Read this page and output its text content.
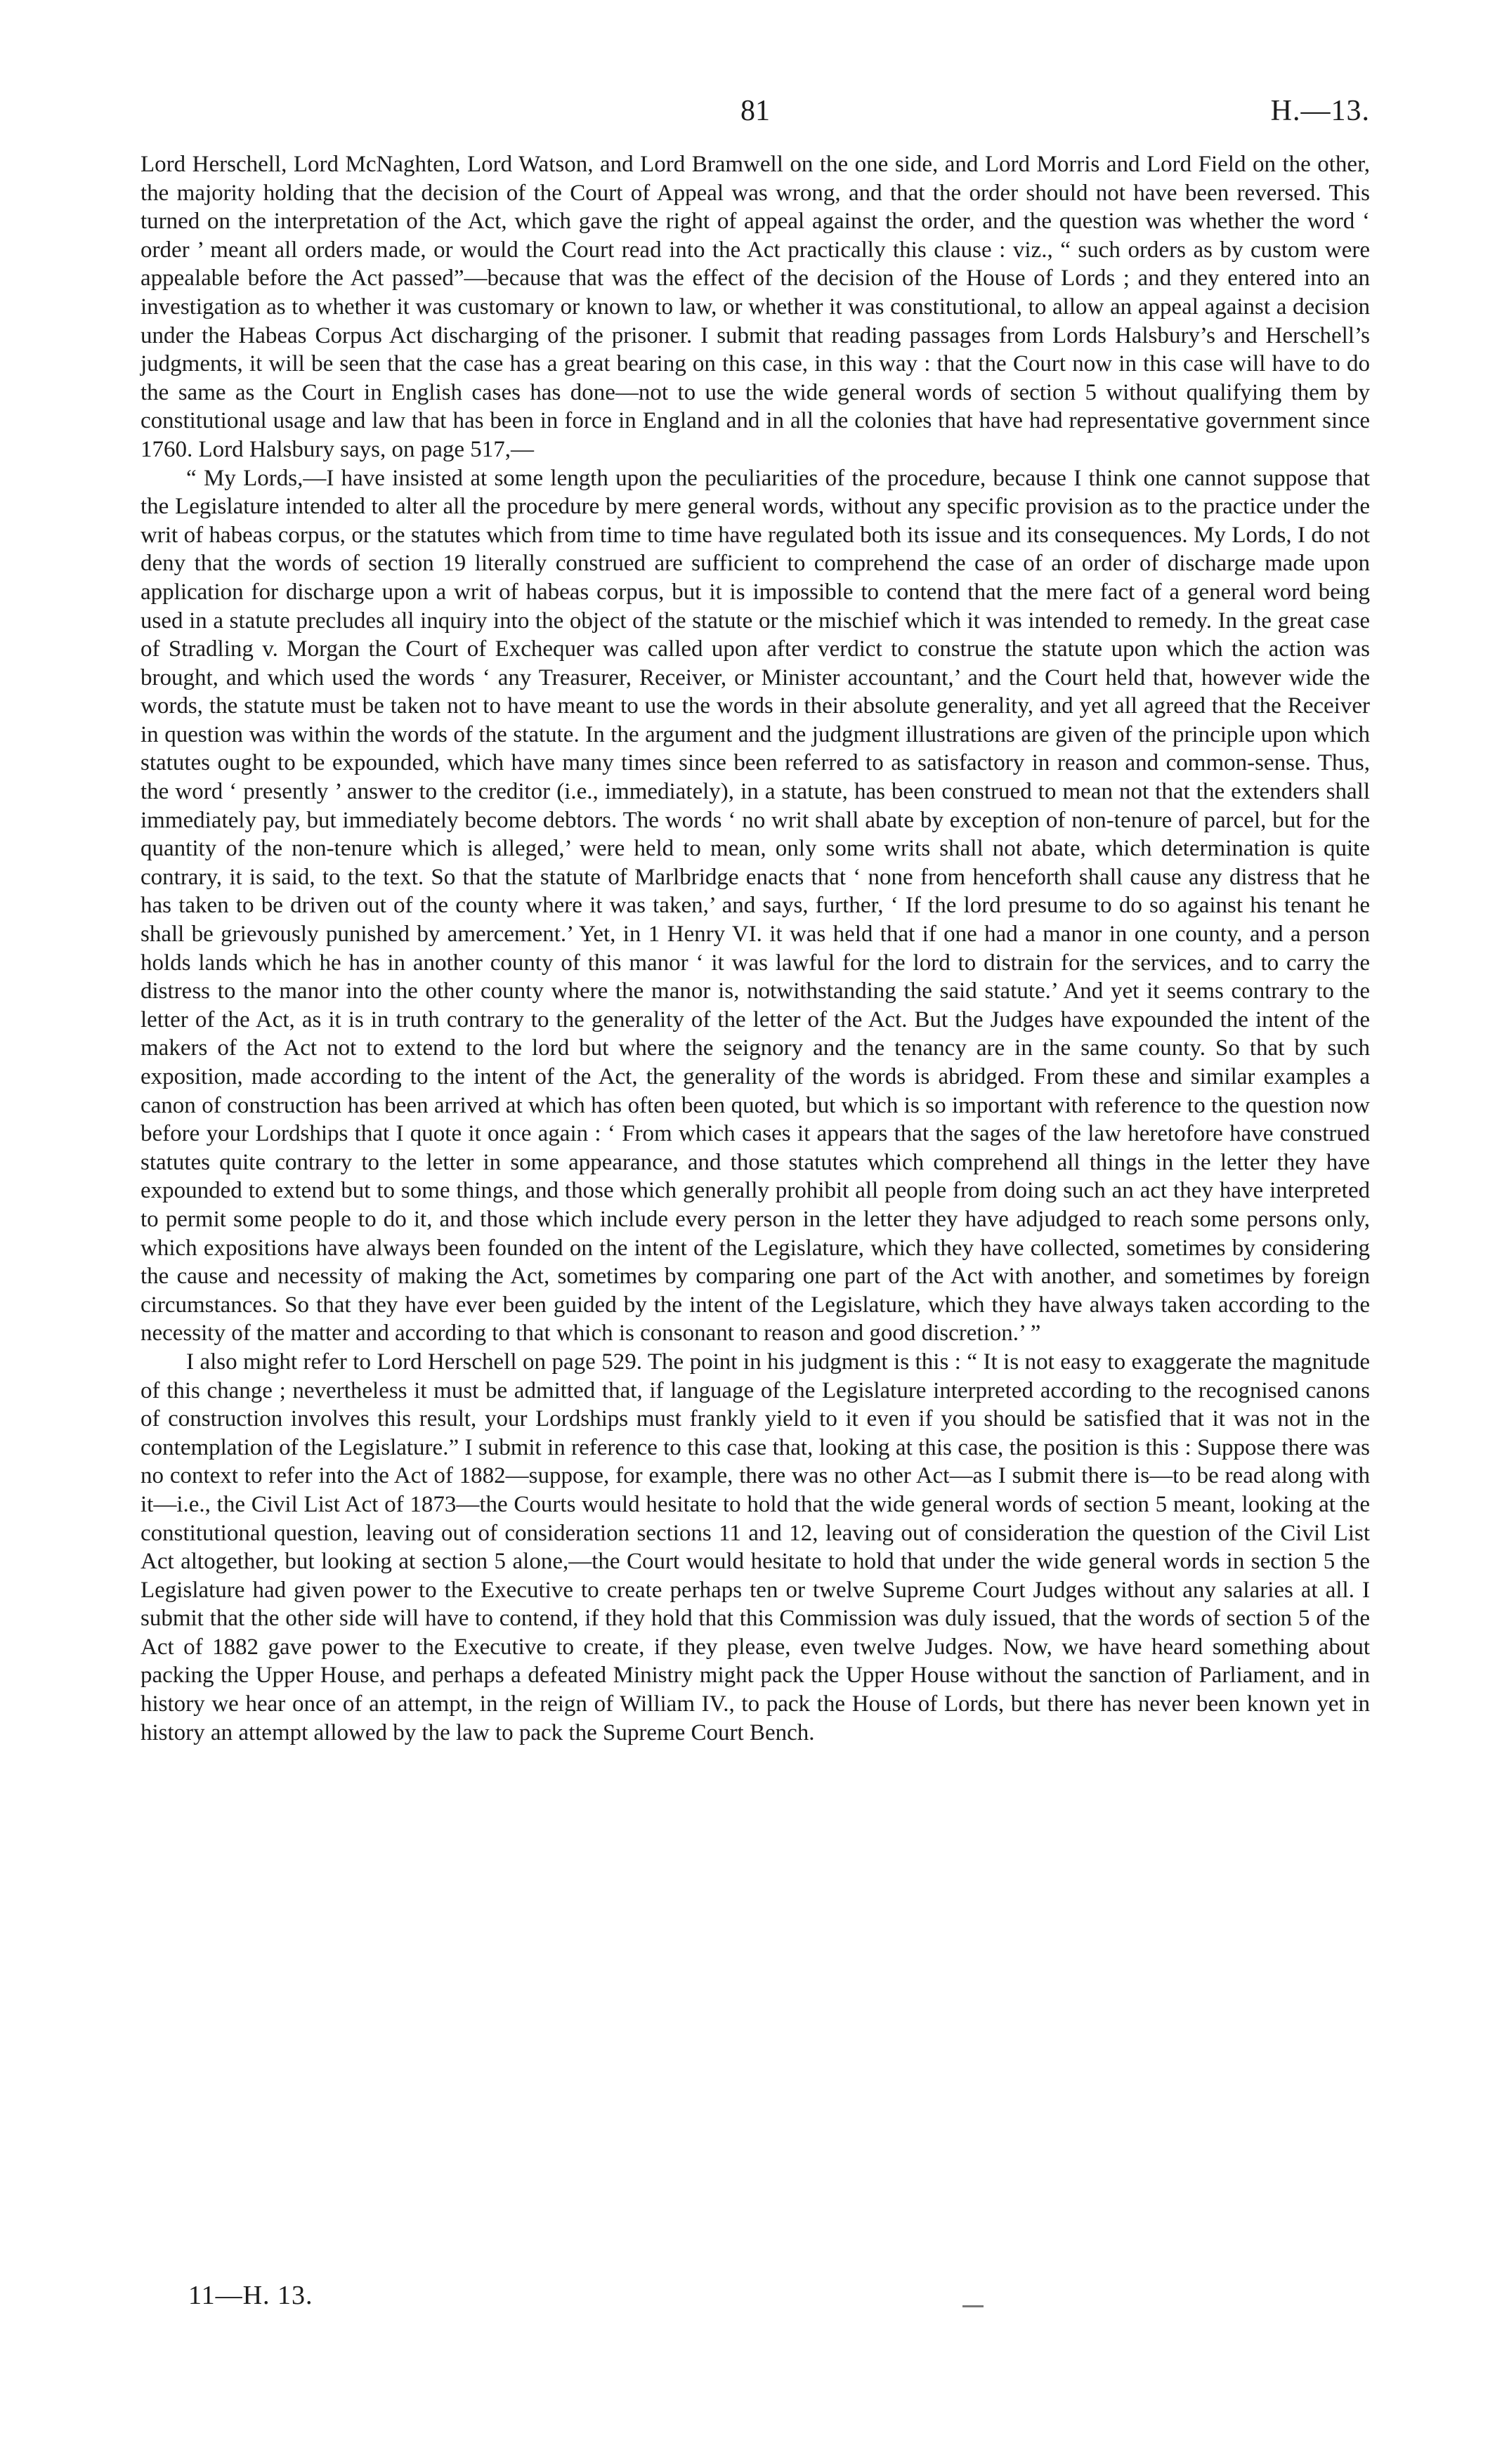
81	H.—13.

Lord Herschell, Lord McNaghten, Lord Watson, and Lord Bramwell on the one side, and Lord Morris and Lord Field on the other, the majority holding that the decision of the Court of Appeal was wrong, and that the order should not have been reversed. This turned on the interpretation of the Act, which gave the right of appeal against the order, and the question was whether the word ‘ order ’ meant all orders made, or would the Court read into the Act practically this clause : viz., “ such orders as by custom were appealable before the Act passed”—because that was the effect of the decision of the House of Lords ; and they entered into an investigation as to whether it was customary or known to law, or whether it was constitutional, to allow an appeal against a decision under the Habeas Corpus Act discharging of the prisoner. I submit that reading passages from Lords Halsbury’s and Herschell’s judgments, it will be seen that the case has a great bearing on this case, in this way : that the Court now in this case will have to do the same as the Court in English cases has done—not to use the wide general words of section 5 without qualifying them by constitutional usage and law that has been in force in England and in all the colonies that have had representative government since 1760. Lord Halsbury says, on page 517,—

“ My Lords,—I have insisted at some length upon the peculiarities of the procedure, because I think one cannot suppose that the Legislature intended to alter all the procedure by mere general words, without any specific provision as to the practice under the writ of habeas corpus, or the statutes which from time to time have regulated both its issue and its consequences. My Lords, I do not deny that the words of section 19 literally construed are sufficient to comprehend the case of an order of discharge made upon application for discharge upon a writ of habeas corpus, but it is impossible to contend that the mere fact of a general word being used in a statute precludes all inquiry into the object of the statute or the mischief which it was intended to remedy. In the great case of Stradling v. Morgan the Court of Exchequer was called upon after verdict to construe the statute upon which the action was brought, and which used the words ‘ any Treasurer, Receiver, or Minister accountant,’ and the Court held that, however wide the words, the statute must be taken not to have meant to use the words in their absolute generality, and yet all agreed that the Receiver in question was within the words of the statute. In the argument and the judgment illustrations are given of the principle upon which statutes ought to be expounded, which have many times since been referred to as satisfactory in reason and common-sense. Thus, the word ‘ presently ’ answer to the creditor (i.e., immediately), in a statute, has been construed to mean not that the extenders shall immediately pay, but immediately become debtors. The words ‘ no writ shall abate by exception of non-tenure of parcel, but for the quantity of the non-tenure which is alleged,’ were held to mean, only some writs shall not abate, which determination is quite contrary, it is said, to the text. So that the statute of Marlbridge enacts that ‘ none from henceforth shall cause any distress that he has taken to be driven out of the county where it was taken,’ and says, further, ‘ If the lord presume to do so against his tenant he shall be grievously punished by amercement.’ Yet, in 1 Henry VI. it was held that if one had a manor in one county, and a person holds lands which he has in another county of this manor ‘ it was lawful for the lord to distrain for the services, and to carry the distress to the manor into the other county where the manor is, notwithstanding the said statute.’ And yet it seems contrary to the letter of the Act, as it is in truth contrary to the generality of the letter of the Act. But the Judges have expounded the intent of the makers of the Act not to extend to the lord but where the seignory and the tenancy are in the same county. So that by such exposition, made according to the intent of the Act, the generality of the words is abridged. From these and similar examples a canon of construction has been arrived at which has often been quoted, but which is so important with reference to the question now before your Lordships that I quote it once again : ‘ From which cases it appears that the sages of the law heretofore have construed statutes quite contrary to the letter in some appearance, and those statutes which comprehend all things in the letter they have expounded to extend but to some things, and those which generally prohibit all people from doing such an act they have interpreted to permit some people to do it, and those which include every person in the letter they have adjudged to reach some persons only, which expositions have always been founded on the intent of the Legislature, which they have collected, sometimes by considering the cause and necessity of making the Act, sometimes by comparing one part of the Act with another, and sometimes by foreign circumstances. So that they have ever been guided by the intent of the Legislature, which they have always taken according to the necessity of the matter and according to that which is consonant to reason and good discretion.’ ”

I also might refer to Lord Herschell on page 529. The point in his judgment is this : “ It is not easy to exaggerate the magnitude of this change ; nevertheless it must be admitted that, if language of the Legislature interpreted according to the recognised canons of construction involves this result, your Lordships must frankly yield to it even if you should be satisfied that it was not in the contemplation of the Legislature.” I submit in reference to this case that, looking at this case, the position is this : Suppose there was no context to refer into the Act of 1882—suppose, for example, there was no other Act—as I submit there is—to be read along with it—i.e., the Civil List Act of 1873—the Courts would hesitate to hold that the wide general words of section 5 meant, looking at the constitutional question, leaving out of consideration sections 11 and 12, leaving out of consideration the question of the Civil List Act altogether, but looking at section 5 alone,—the Court would hesitate to hold that under the wide general words in section 5 the Legislature had given power to the Executive to create perhaps ten or twelve Supreme Court Judges without any salaries at all. I submit that the other side will have to contend, if they hold that this Commission was duly issued, that the words of section 5 of the Act of 1882 gave power to the Executive to create, if they please, even twelve Judges. Now, we have heard something about packing the Upper House, and perhaps a defeated Ministry might pack the Upper House without the sanction of Parliament, and in history we hear once of an attempt, in the reign of William IV., to pack the House of Lords, but there has never been known yet in history an attempt allowed by the law to pack the Supreme Court Bench.

11—H. 13.
